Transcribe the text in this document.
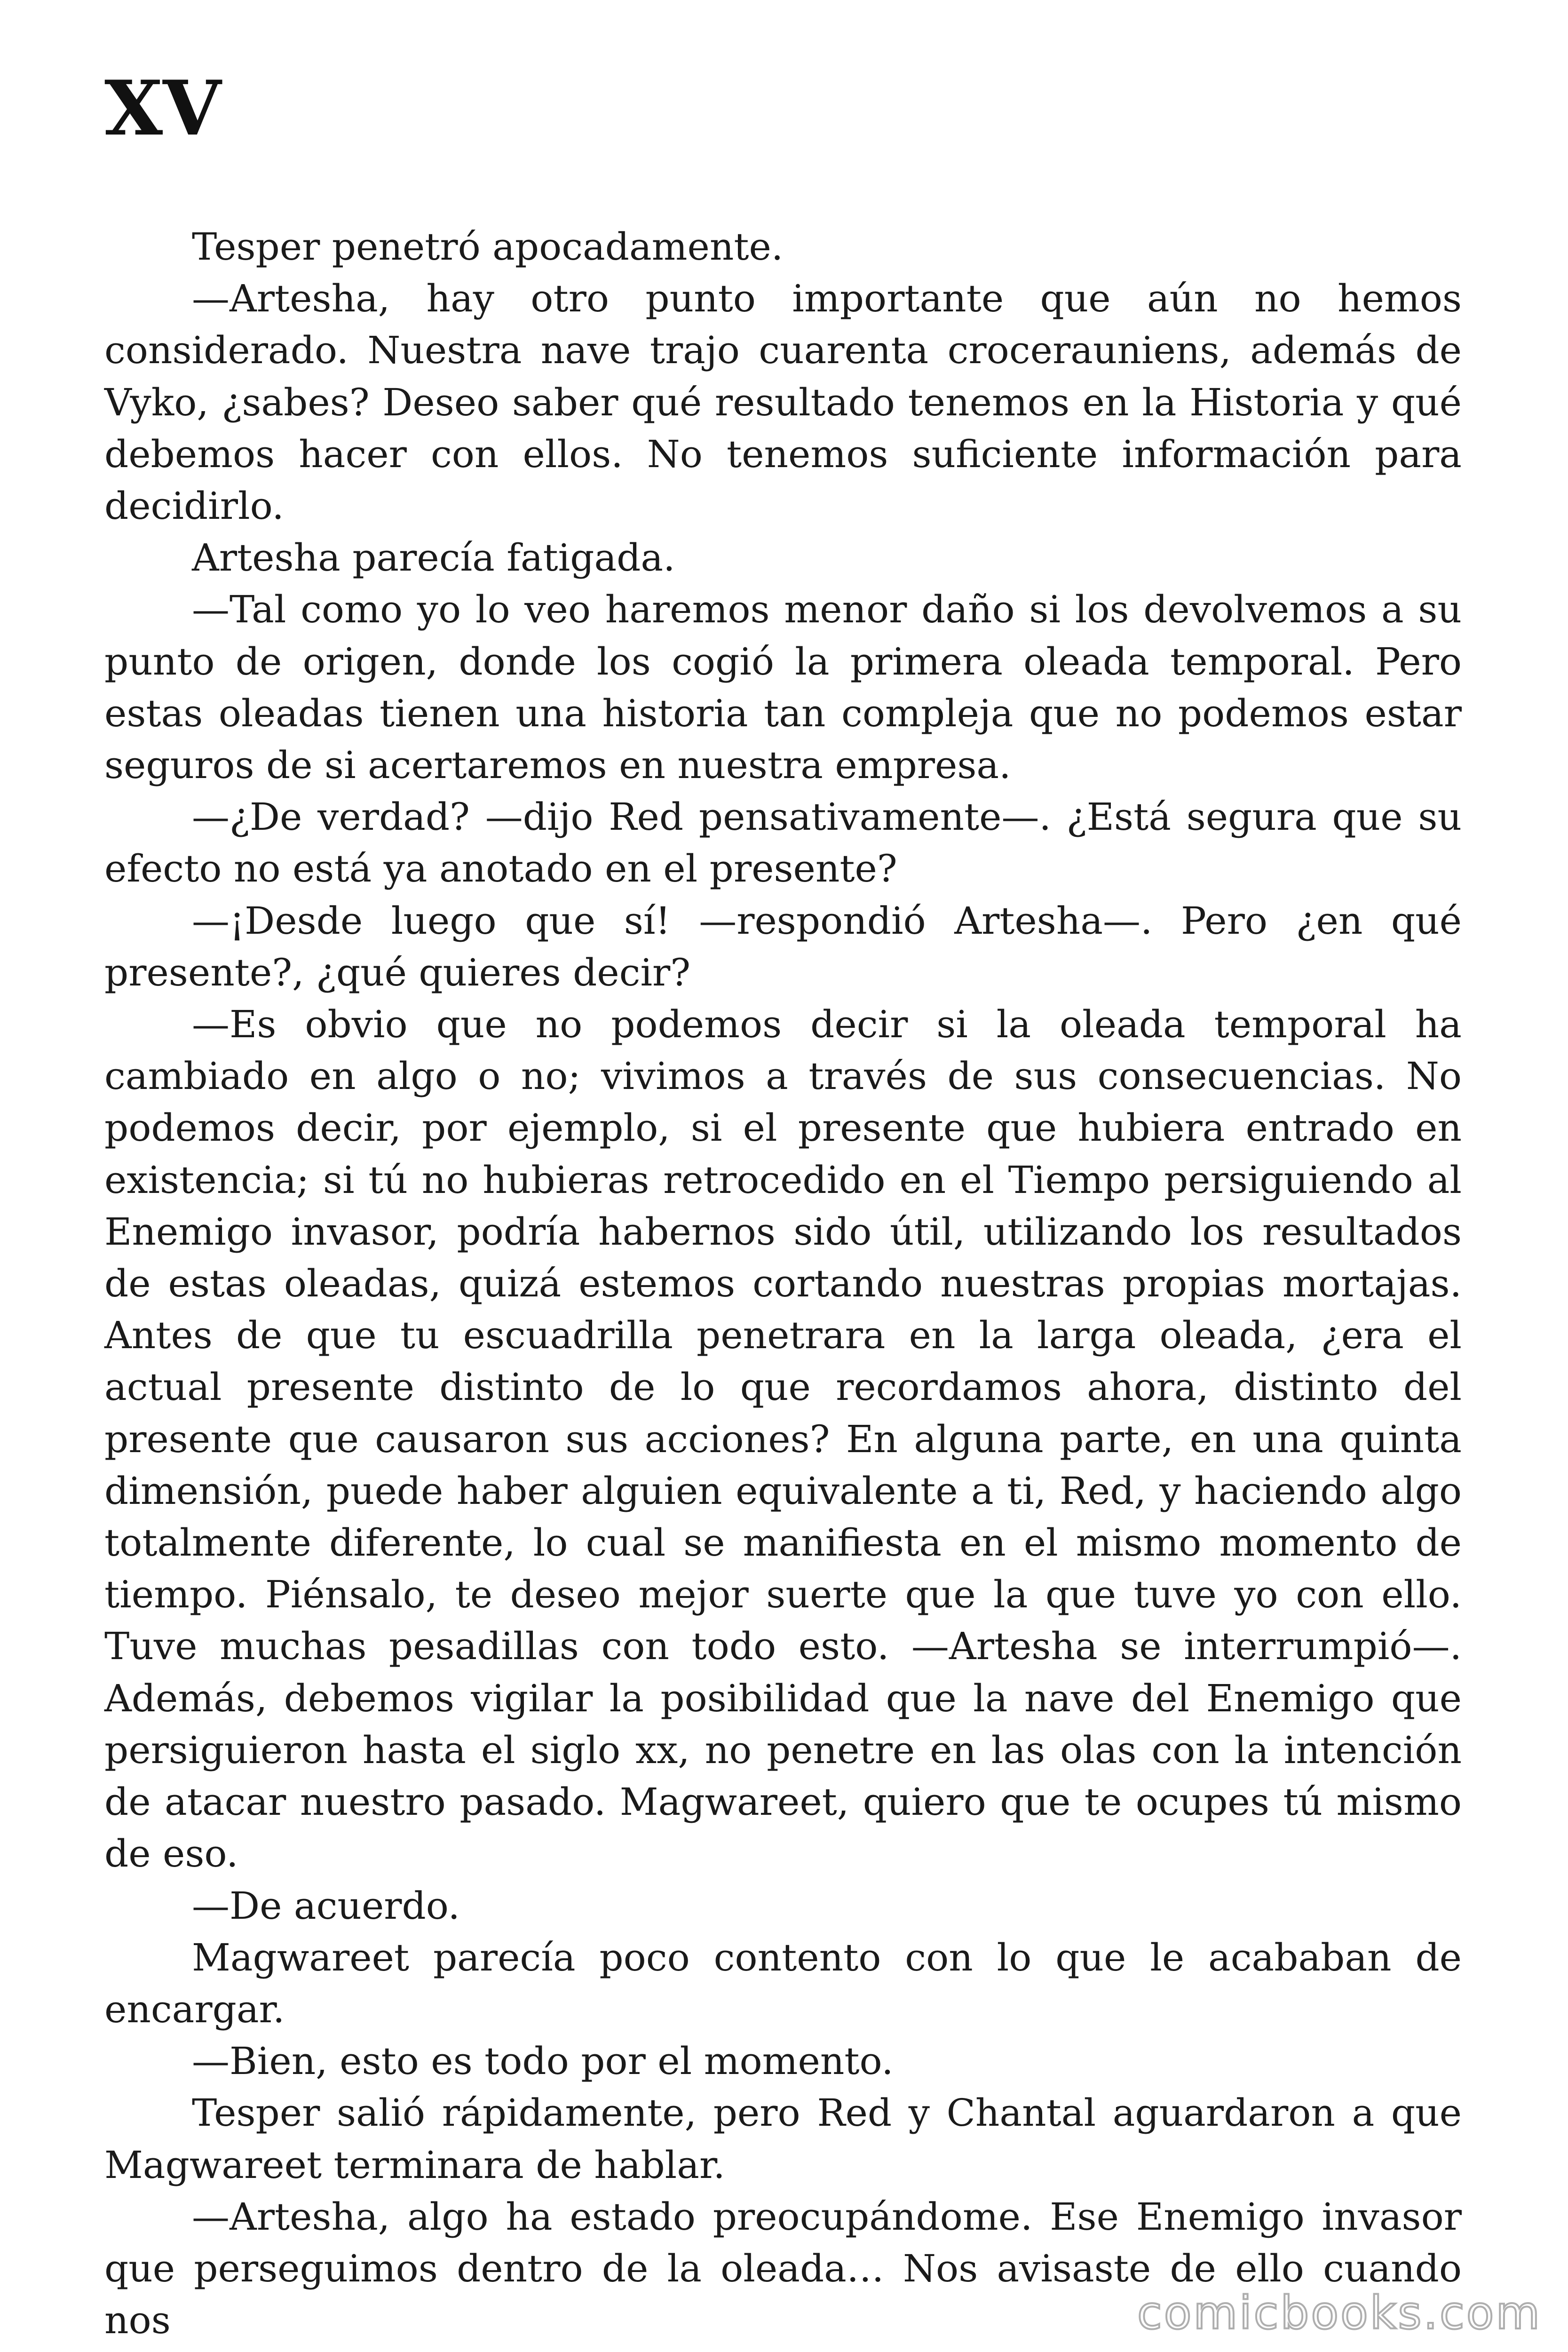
XV

Tesper penetró apocadamente.

—Artesha, hay otro punto importante que aún no hemos considerado. Nuestra nave trajo cuarenta crocerauniens, además de Vyko, ¿sabes? Deseo saber qué resultado tenemos en la Historia y qué debemos hacer con ellos. No tenemos suficiente información para decidirlo.

Artesha parecía fatigada.

—Tal como yo lo veo haremos menor daño si los devolvemos a su punto de origen, donde los cogió la primera oleada temporal. Pero estas oleadas tienen una historia tan compleja que no podemos estar seguros de si acertaremos en nuestra empresa.

—¿De verdad? —dijo Red pensativamente—. ¿Está segura que su efecto no está ya anotado en el presente?

—¡Desde luego que sí! —respondió Artesha—. Pero ¿en qué presente?, ¿qué quieres decir?

—Es obvio que no podemos decir si la oleada temporal ha cambiado en algo o no; vivimos a través de sus consecuencias. No podemos decir, por ejemplo, si el presente que hubiera entrado en existencia; si tú no hubieras retrocedido en el Tiempo persiguiendo al Enemigo invasor, podría habernos sido útil, utilizando los resultados de estas oleadas, quizá estemos cortando nuestras propias mortajas. Antes de que tu escuadrilla penetrara en la larga oleada, ¿era el actual presente distinto de lo que recordamos ahora, distinto del presente que causaron sus acciones? En alguna parte, en una quinta dimensión, puede haber alguien equivalente a ti, Red, y haciendo algo totalmente diferente, lo cual se manifiesta en el mismo momento de tiempo. Piénsalo, te deseo mejor suerte que la que tuve yo con ello. Tuve muchas pesadillas con todo esto. —Artesha se interrumpió—. Además, debemos vigilar la posibilidad que la nave del Enemigo que persiguieron hasta el siglo xx, no penetre en las olas con la intención de atacar nuestro pasado. Magwareet, quiero que te ocupes tú mismo de eso.

—De acuerdo.

Magwareet parecía poco contento con lo que le acababan de encargar.

—Bien, esto es todo por el momento.

Tesper salió rápidamente, pero Red y Chantal aguardaron a que Magwareet terminara de hablar.

—Artesha, algo ha estado preocupándome. Ese Enemigo invasor que perseguimos dentro de la oleada… Nos avisaste de ello cuando nos	comicbooks.com
